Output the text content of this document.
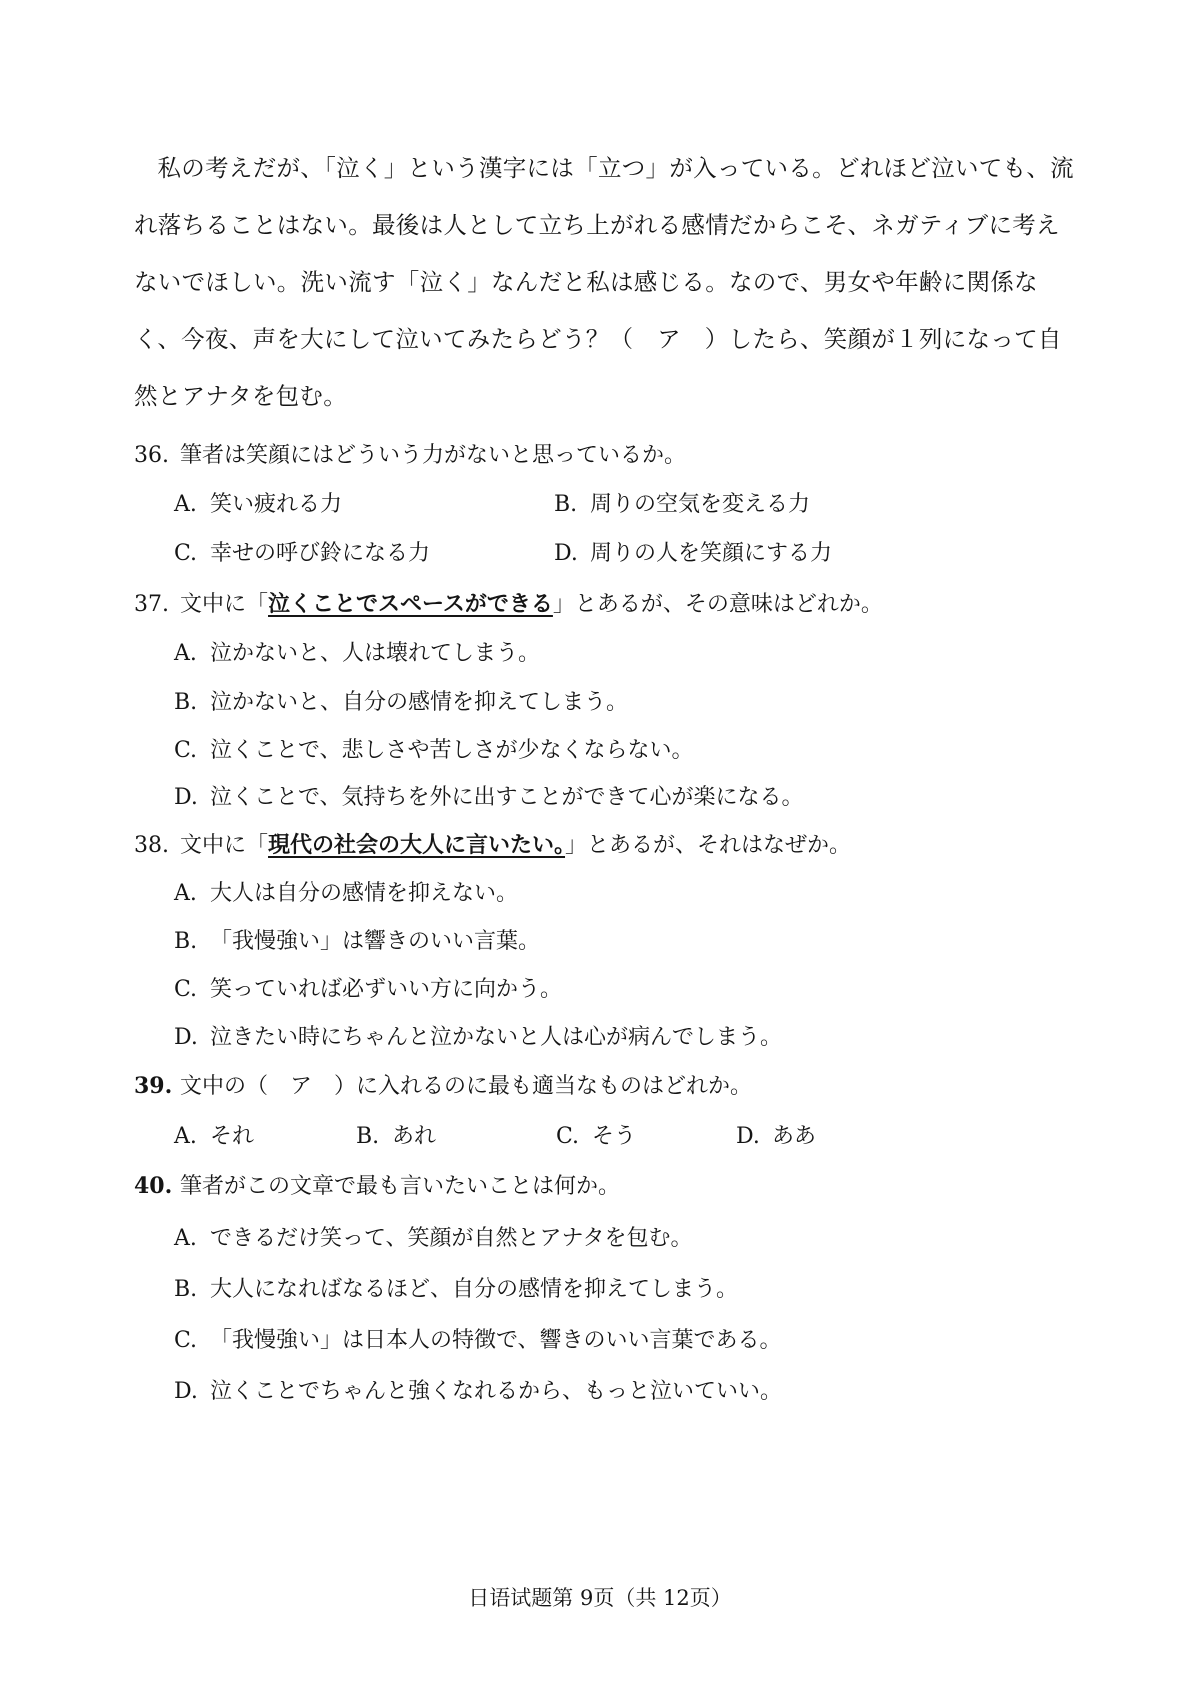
私の考えだが、「泣く」という漢字には「立つ」が入っている。どれほど泣いても、流れ落ちることはない。最後は人として立ち上がれる感情だからこそ、ネガティブに考えないでほしい。洗い流す「泣く」なんだと私は感じる。なので、男女や年齢に関係なく、今夜、声を大にして泣いてみたらどう？（　ア　）したら、笑顔が１列になって自然とアナタを包む。

36. 筆者は笑顔にはどういう力がないと思っているか。
A. 笑い疲れる力	B. 周りの空気を変える力
C. 幸せの呼び鈴になる力	D. 周りの人を笑顔にする力
37. 文中に「泣くことでスペースができる」とあるが、その意味はどれか。
A. 泣かないと、人は壊れてしまう。
B. 泣かないと、自分の感情を抑えてしまう。
C. 泣くことで、悲しさや苦しさが少なくならない。
D. 泣くことで、気持ちを外に出すことができて心が楽になる。
38. 文中に「現代の社会の大人に言いたい。」とあるが、それはなぜか。
A. 大人は自分の感情を抑えない。
B. 「我慢強い」は響きのいい言葉。
C. 笑っていれば必ずいい方に向かう。
D. 泣きたい時にちゃんと泣かないと人は心が病んでしまう。
39. 文中の（　ア　）に入れるのに最も適当なものはどれか。
A. それ	B. あれ	C. そう	D. ああ
40. 筆者がこの文章で最も言いたいことは何か。
A. できるだけ笑って、笑顔が自然とアナタを包む。
B. 大人になればなるほど、自分の感情を抑えてしまう。
C. 「我慢強い」は日本人の特徴で、響きのいい言葉である。
D. 泣くことでちゃんと強くなれるから、もっと泣いていい。
日语试题第 9页（共 12页）
